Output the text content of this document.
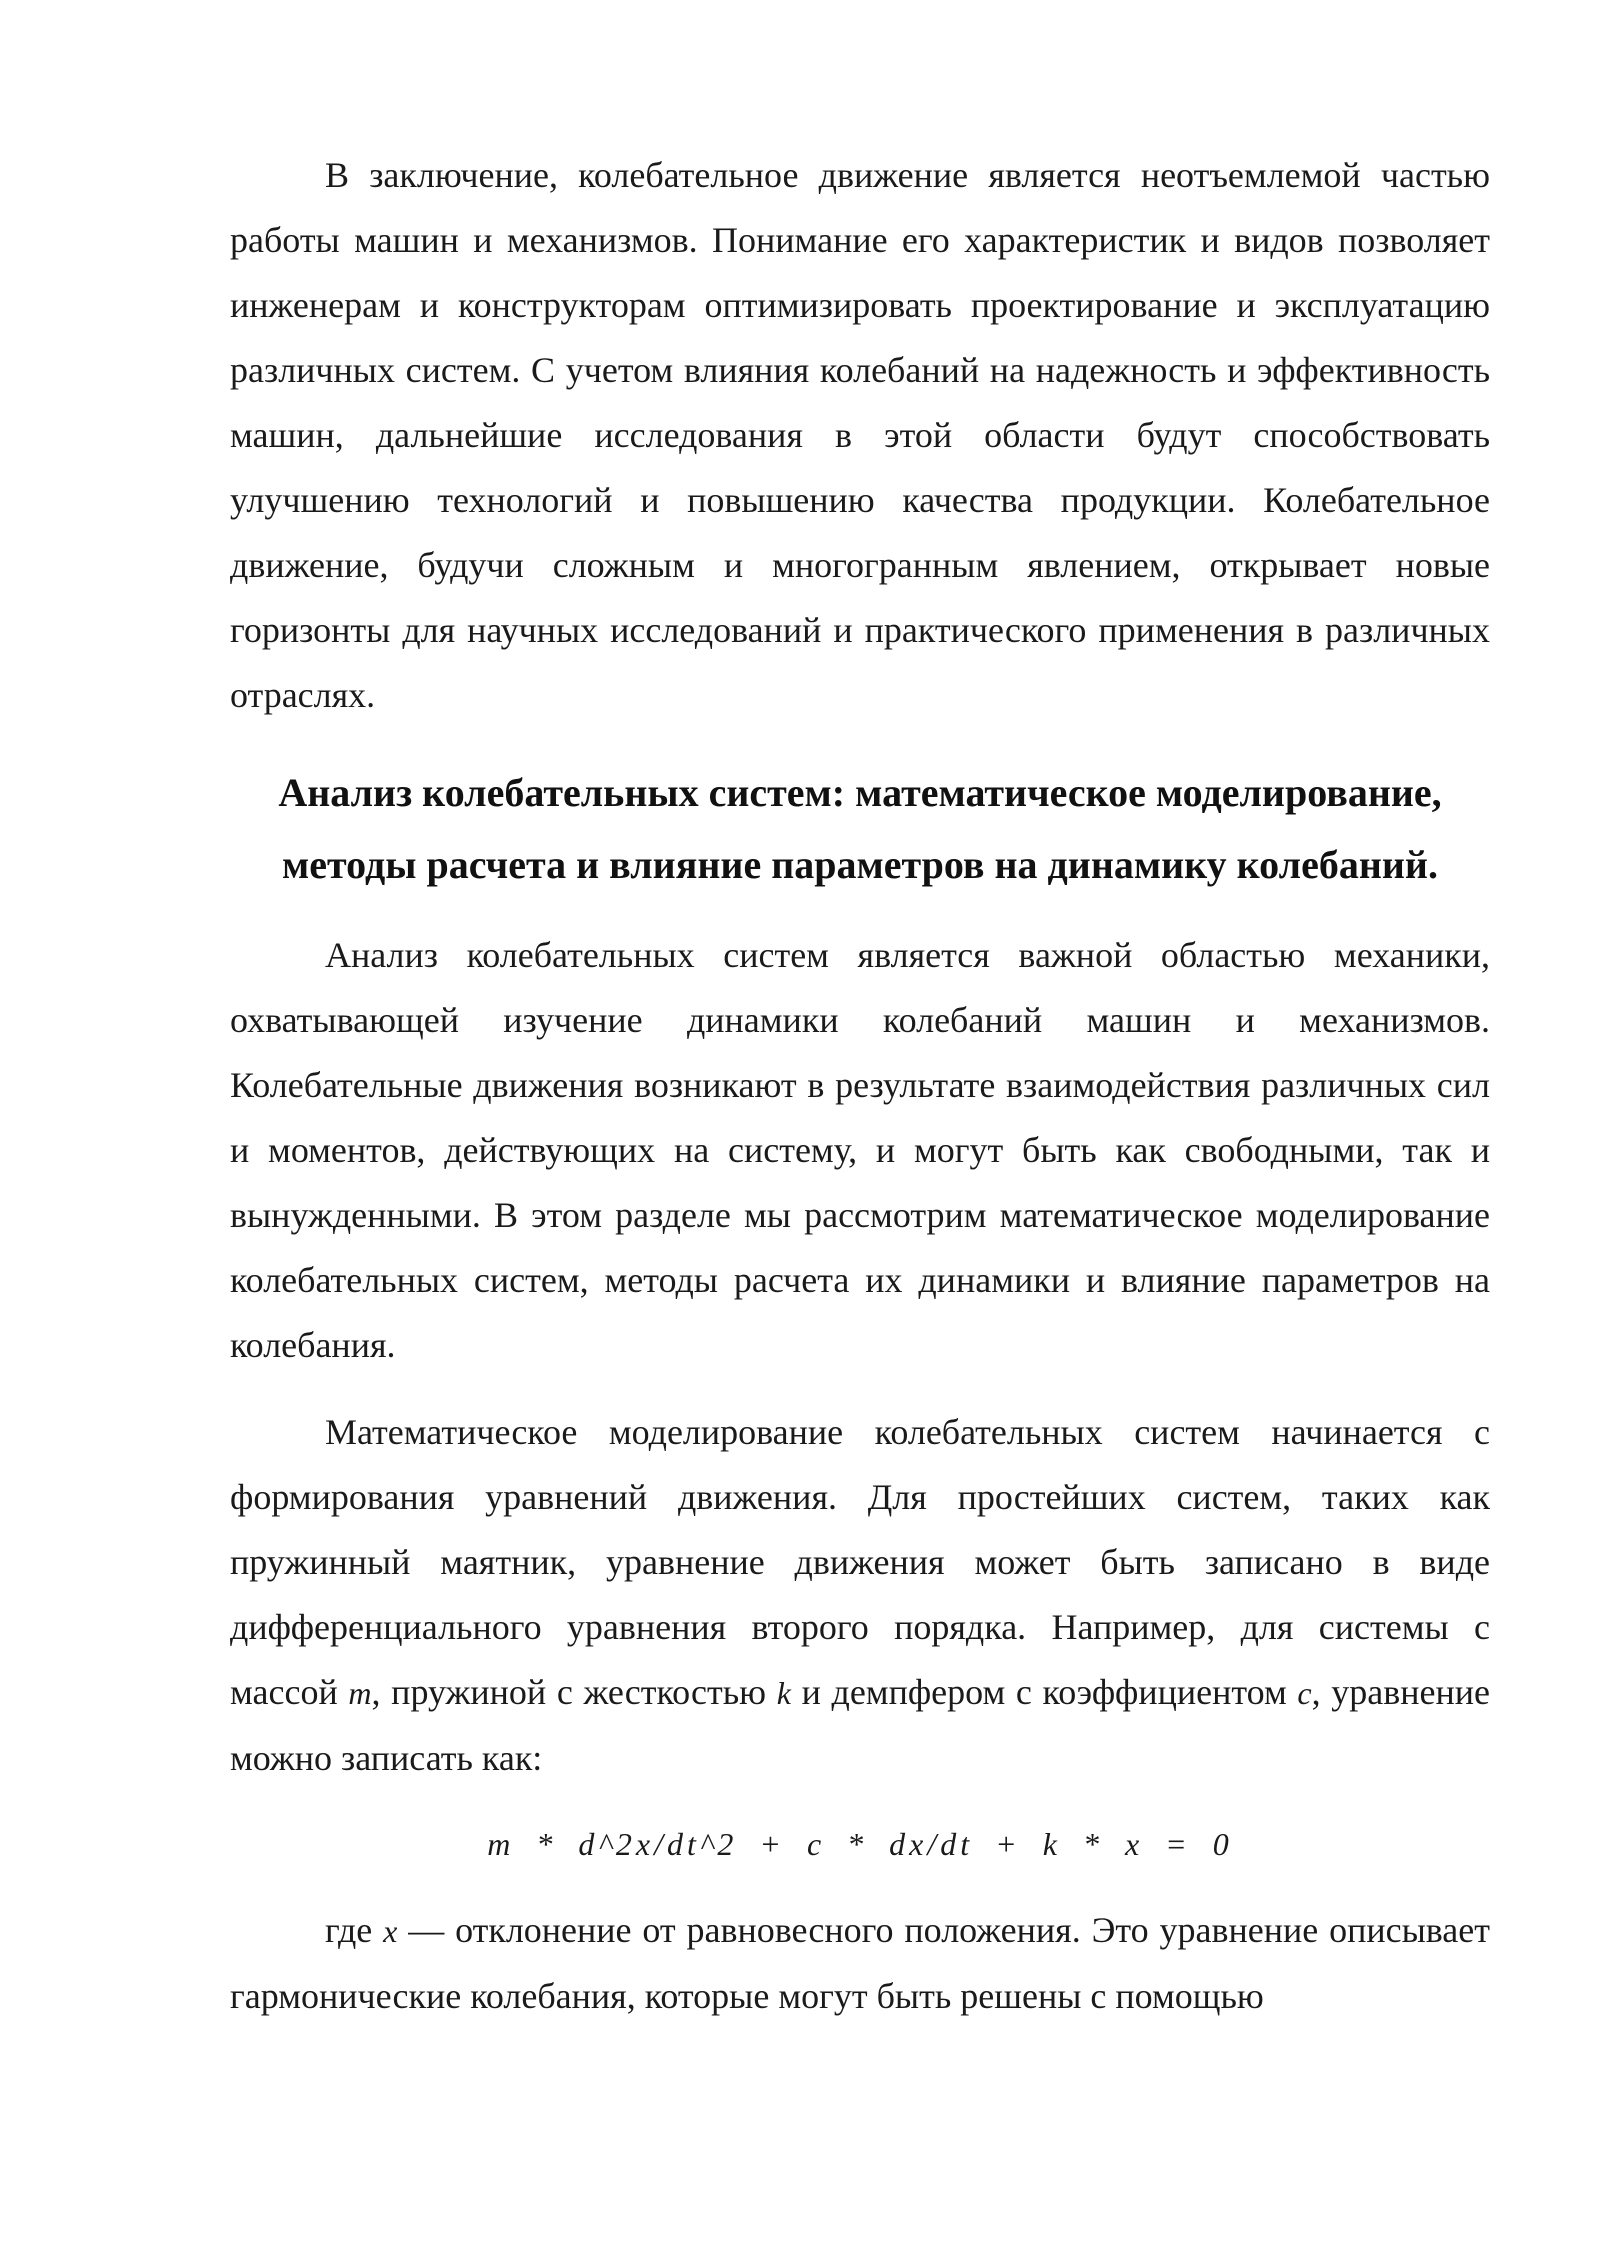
В заключение, колебательное движение является неотъемлемой частью работы машин и механизмов. Понимание его характеристик и видов позволяет инженерам и конструкторам оптимизировать проектирование и эксплуатацию различных систем. С учетом влияния колебаний на надежность и эффективность машин, дальнейшие исследования в этой области будут способствовать улучшению технологий и повышению качества продукции. Колебательное движение, будучи сложным и многогранным явлением, открывает новые горизонты для научных исследований и практического применения в различных отраслях.

Анализ колебательных систем: математическое моделирование, методы расчета и влияние параметров на динамику колебаний.

Анализ колебательных систем является важной областью механики, охватывающей изучение динамики колебаний машин и механизмов. Колебательные движения возникают в результате взаимодействия различных сил и моментов, действующих на систему, и могут быть как свободными, так и вынужденными. В этом разделе мы рассмотрим математическое моделирование колебательных систем, методы расчета их динамики и влияние параметров на колебания.

Математическое моделирование колебательных систем начинается с формирования уравнений движения. Для простейших систем, таких как пружинный маятник, уравнение движения может быть записано в виде дифференциального уравнения второго порядка. Например, для системы с массой m, пружиной с жесткостью k и демпфером с коэффициентом c, уравнение можно записать как:

m * d^2x/dt^2 + c * dx/dt + k * x = 0

где x — отклонение от равновесного положения. Это уравнение описывает гармонические колебания, которые могут быть решены с помощью
